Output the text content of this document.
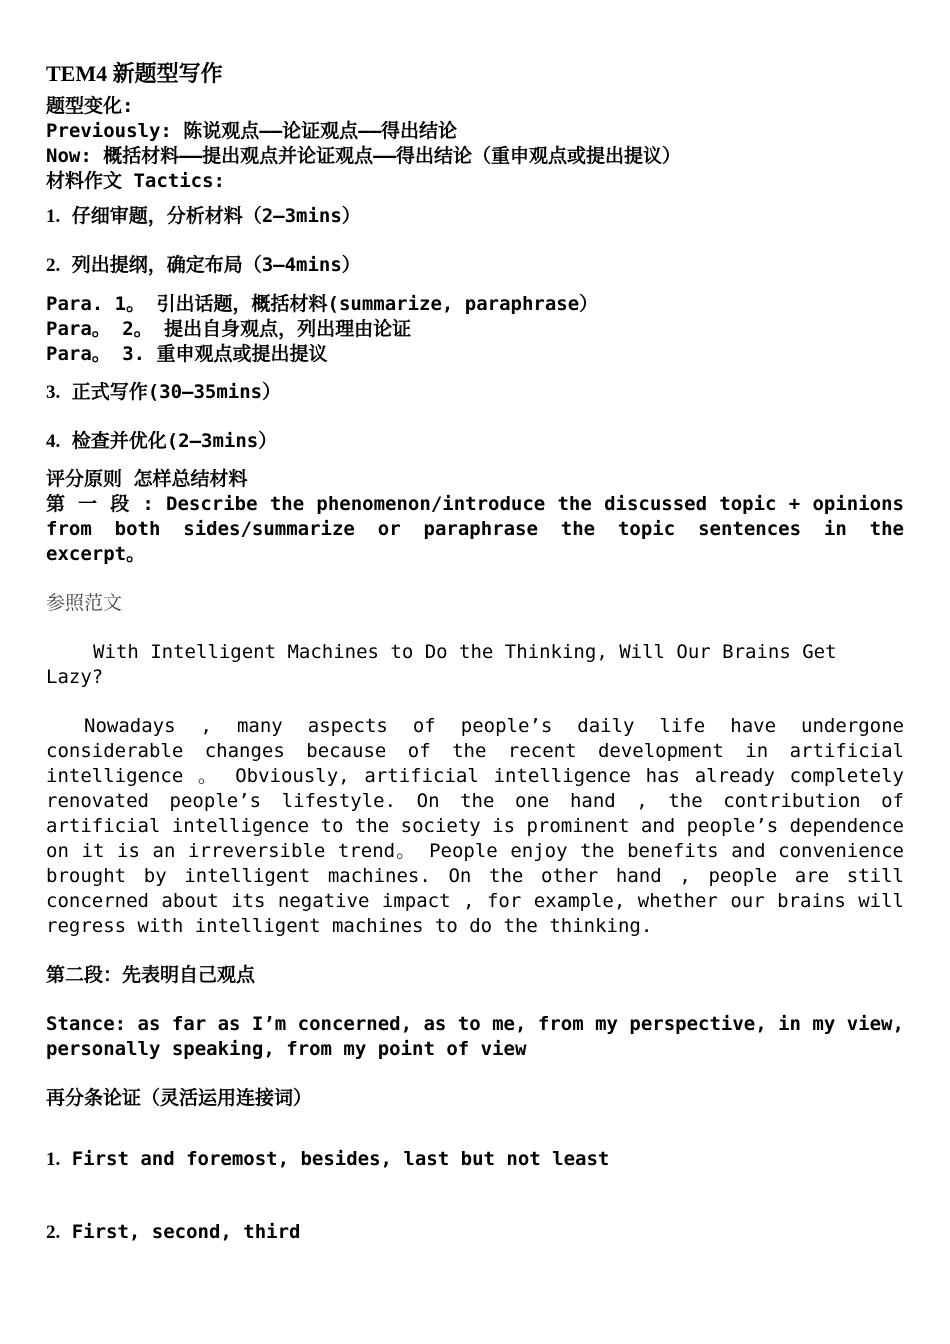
TEM4 新题型写作

题型变化:

Previously: 陈说观点——论证观点——得出结论

Now: 概括材料——提出观点并论证观点——得出结论（重申观点或提出提议）

材料作文 Tactics:

1. 仔细审题，分析材料（2—3mins）

2. 列出提纲，确定布局（3—4mins）

Para. 1。 引出话题，概括材料(summarize, paraphrase）

Para。 2。 提出自身观点，列出理由论证

Para。 3. 重申观点或提出提议

3. 正式写作(30—35mins）

4. 检查并优化(2—3mins）

评分原则 怎样总结材料

第 一 段 : Describe the phenomenon/introduce the discussed topic + opinions from both sides/summarize or paraphrase the topic sentences in the excerpt。

参照范文

With Intelligent Machines to Do the Thinking, Will Our Brains Get Lazy?

Nowadays , many aspects of people’s daily life have undergone considerable changes because of the recent development in artificial intelligence 。 Obviously, artificial intelligence has already completely renovated people’s lifestyle. On the one hand , the contribution of artificial intelligence to the society is prominent and people’s dependence on it is an irreversible trend。 People enjoy the benefits and convenience brought by intelligent machines. On the other hand , people are still concerned about its negative impact , for example, whether our brains will regress with intelligent machines to do the thinking.

第二段：先表明自己观点

Stance: as far as I’m concerned, as to me, from my perspective, in my view, personally speaking, from my point of view

再分条论证（灵活运用连接词）

1. First and foremost, besides, last but not least

2. First, second, third
